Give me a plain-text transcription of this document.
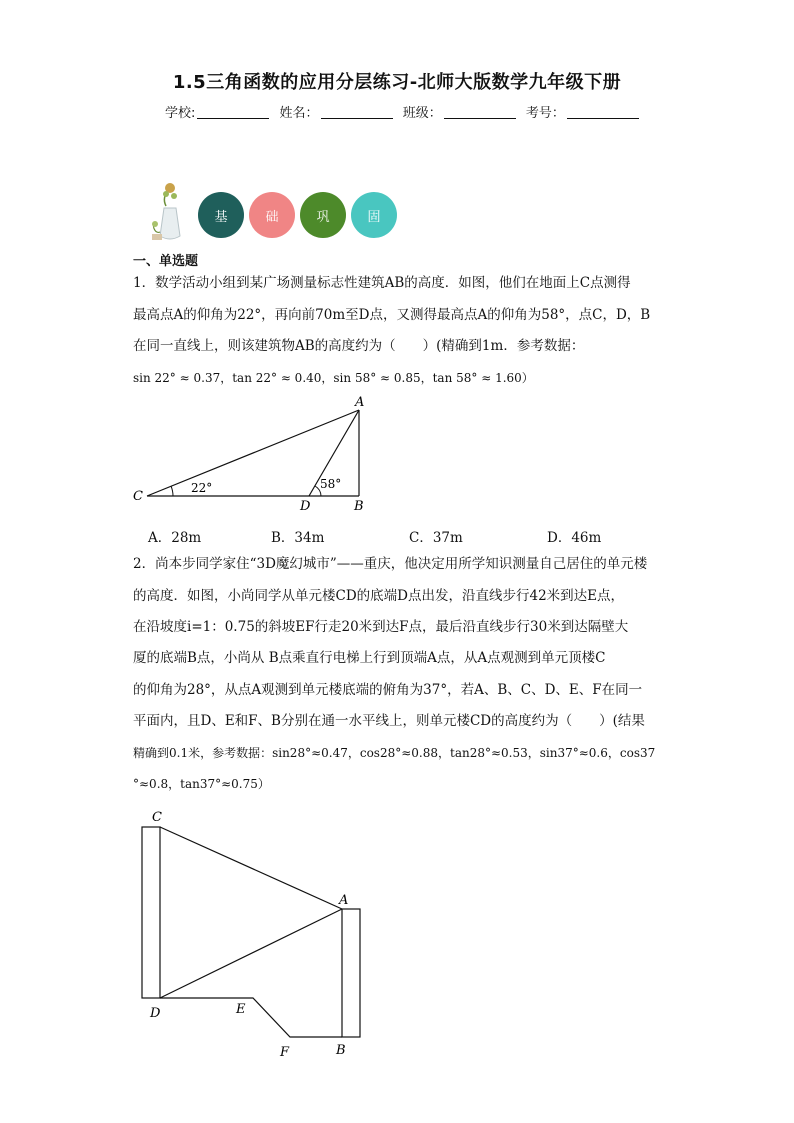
1.5三角函数的应用分层练习-北师大版数学九年级下册
学校:	姓名：	班级：	考号：
基	础	巩	固
一、单选题
1．数学活动小组到某广场测量标志性建筑AB的高度．如图，他们在地面上C点测得
最高点A的仰角为22°，再向前70m至D点，又测得最高点A的仰角为58°，点C，D，B
在同一直线上，则该建筑物AB的高度约为（　　）(精确到1m．参考数据：
sin 22° ≈ 0.37，tan 22° ≈ 0.40，sin 58° ≈ 0.85，tan 58° ≈ 1.60）
A
B
C
D
22°	58°
A．28m	B．34m	C．37m	D．46m
2．尚本步同学家住“3D魔幻城市”——重庆，他决定用所学知识测量自己居住的单元楼
的高度．如图，小尚同学从单元楼CD的底端D点出发，沿直线步行42米到达E点，
在沿坡度i=1：0.75的斜坡EF行走20米到达F点，最后沿直线步行30米到达隔壁大
厦的底端B点，小尚从 B点乘直行电梯上行到顶端A点，从A点观测到单元顶楼C
的仰角为28°，从点A观测到单元楼底端的俯角为37°，若A、B、C、D、E、F在同一
平面内，且D、E和F、B分别在通一水平线上，则单元楼CD的高度约为（　　）(结果
精确到0.1米，参考数据：sin28°≈0.47，cos28°≈0.88，tan28°≈0.53，sin37°≈0.6，cos37
°≈0.8，tan37°≈0.75）
C
A
D	E
F	B
